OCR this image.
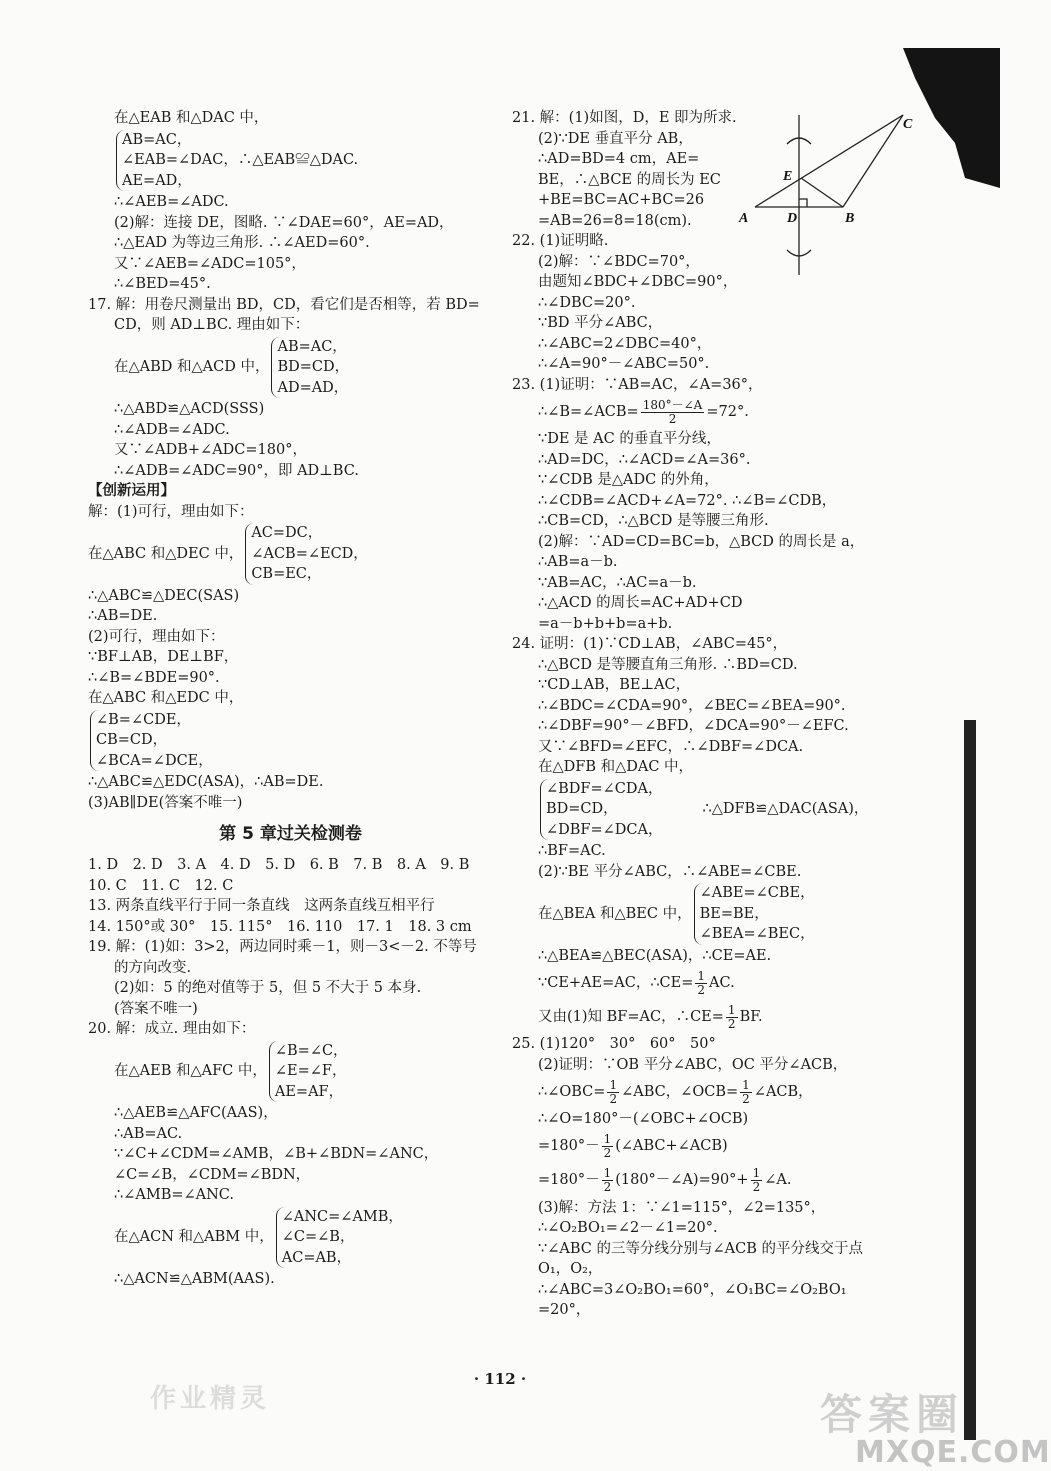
在△EAB 和△DAC 中，
AB=AC，
∠EAB=∠DAC，∴△EAB≌△DAC.
AE=AD，
∴∠AEB=∠ADC.
(2)解：连接 DE，图略. ∵∠DAE=60°，AE=AD，
∴△EAD 为等边三角形. ∴∠AED=60°.
又∵∠AEB=∠ADC=105°，
∴∠BED=45°.
17. 解：用卷尺测量出 BD，CD，看它们是否相等，若 BD=
CD，则 AD⊥BC. 理由如下：
在△ABD 和△ACD 中，
AB=AC，
BD=CD，
AD=AD，
∴△ABD≌△ACD(SSS)
∴∠ADB=∠ADC.
又∵∠ADB+∠ADC=180°，
∴∠ADB=∠ADC=90°，即 AD⊥BC.
【创新运用】
解：(1)可行，理由如下：
在△ABC 和△DEC 中，
AC=DC，
∠ACB=∠ECD，
CB=EC，
∴△ABC≌△DEC(SAS)
∴AB=DE.
(2)可行，理由如下：
∵BF⊥AB，DE⊥BF，
∴∠B=∠BDE=90°.
在△ABC 和△EDC 中，
∠B=∠CDE，
CB=CD，
∠BCA=∠DCE，
∴△ABC≌△EDC(ASA)，∴AB=DE.
(3)AB∥DE(答案不唯一)
第 5 章过关检测卷
1. D　2. D　3. A　4. D　5. D　6. B　7. B　8. A　9. B
10. C　11. C　12. C
13. 两条直线平行于同一条直线　这两条直线互相平行
14. 150°或 30°　15. 115°　16. 110　17. 1　18. 3 cm
19. 解：(1)如：3>2，两边同时乘－1，则－3<－2. 不等号
的方向改变.
(2)如：5 的绝对值等于 5，但 5 不大于 5 本身.
(答案不唯一)
20. 解：成立. 理由如下：
在△AEB 和△AFC 中，
∠B=∠C，
∠E=∠F，
AE=AF，
∴△AEB≌△AFC(AAS)，
∴AB=AC.
∵∠C+∠CDM=∠AMB，∠B+∠BDN=∠ANC，
∠C=∠B，∠CDM=∠BDN，
∴∠AMB=∠ANC.
在△ACN 和△ABM 中，
∠ANC=∠AMB，
∠C=∠B，
AC=AB，
∴△ACN≌△ABM(AAS).
21. 解：(1)如图，D，E 即为所求.
(2)∵DE 垂直平分 AB，
∴AD=BD=4 cm，AE=
BE，∴△BCE 的周长为 EC
+BE=BC=AC+BC=26
=AB=26=8=18(cm).
22. (1)证明略.
(2)解：∵∠BDC=70°，
由题知∠BDC+∠DBC=90°，
∴∠DBC=20°.
∵BD 平分∠ABC，
∴∠ABC=2∠DBC=40°，
∴∠A=90°－∠ABC=50°.
23. (1)证明：∵AB=AC，∠A=36°，
∴∠B=∠ACB= $\frac{180^\circ-\angle A}{2} =72^\circ$.
∵DE 是 AC 的垂直平分线，
∴AD=DC，∴∠ACD=∠A=36°.
∵∠CDB 是△ADC 的外角，
∴∠CDB=∠ACD+∠A=72°. ∴∠B=∠CDB，
∴CB=CD，∴△BCD 是等腰三角形.
(2)解：∵AD=CD=BC=b，△BCD 的周长是 a，
∴AB=a－b.
∵AB=AC，∴AC=a－b.
∴△ACD 的周长=AC+AD+CD
=a－b+b+b=a+b.
24. 证明：(1)∵CD⊥AB，∠ABC=45°，
∴△BCD 是等腰直角三角形. ∴BD=CD.
∵CD⊥AB，BE⊥AC，
∴∠BDC=∠CDA=90°，∠BEC=∠BEA=90°.
∴∠DBF=90°－∠BFD，∠DCA=90°－∠EFC.
又∵∠BFD=∠EFC，∴∠DBF=∠DCA.
在△DFB 和△DAC 中，
∠BDF=∠CDA，
BD=CD，
∠DBF=∠DCA，
∴△DFB≌△DAC(ASA)，
∴BF=AC.
(2)∵BE 平分∠ABC，∴∠ABE=∠CBE.
在△BEA 和△BEC 中，
∠ABE=∠CBE，
BE=BE，
∠BEA=∠BEC，
∴△BEA≌△BEC(ASA)，∴CE=AE.
∵CE+AE=AC，∴CE= $\frac{1}{2}$ AC.
又由(1)知 BF=AC，∴CE= $\frac{1}{2}$ BF.
25. (1)120°　30°　60°　50°
(2)证明：∵OB 平分∠ABC，OC 平分∠ACB，
∴∠OBC= $\frac{1}{2}$ ∠ABC，∠OCB= $\frac{1}{2}$ ∠ACB，
∴∠O=180°－(∠OBC+∠OCB)
$=180^\circ- \frac{1}{2}$ (∠ABC+∠ACB)
$=180^\circ- \frac{1}{2}$ (180°－∠A)=90°+ $\frac{1}{2}$ ∠A.
(3)解：方法 1：∵∠1=115°，∠2=135°，
∴∠O₂BO₁=∠2－∠1=20°.
∵∠ABC 的三等分线分别与∠ACB 的平分线交于点
O₁，O₂，
∴∠ABC=3∠O₂BO₁=60°，∠O₁BC=∠O₂BO₁
=20°，
C
E
A	D	B
· 112 ·
作业精灵	答案圈
MXQE.COM
